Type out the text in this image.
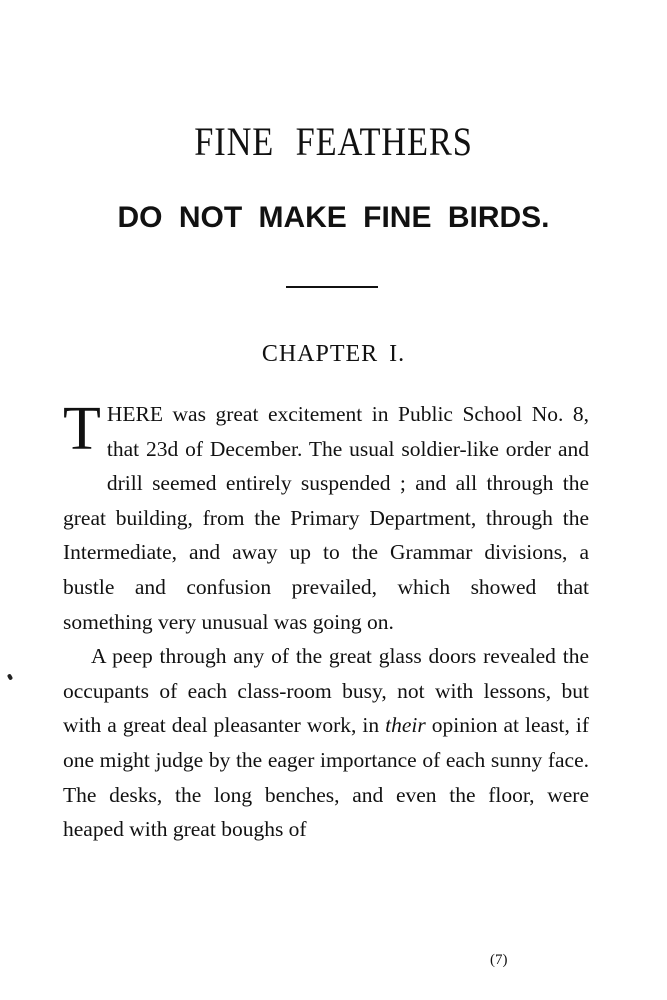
FINE FEATHERS
DO NOT MAKE FINE BIRDS.
CHAPTER I.

THERE was great excitement in Public School No. 8, that 23d of December. The usual soldier-like order and drill seemed entirely suspended ; and all through the great building, from the Primary Department, through the Intermediate, and away up to the Grammar divisions, a bustle and confusion prevailed, which showed that something very unusual was going on.

A peep through any of the great glass doors revealed the occupants of each class-room busy, not with lessons, but with a great deal pleasanter work, in their opinion at least, if one might judge by the eager importance of each sunny face. The desks, the long benches, and even the floor, were heaped with great boughs of

(7)
